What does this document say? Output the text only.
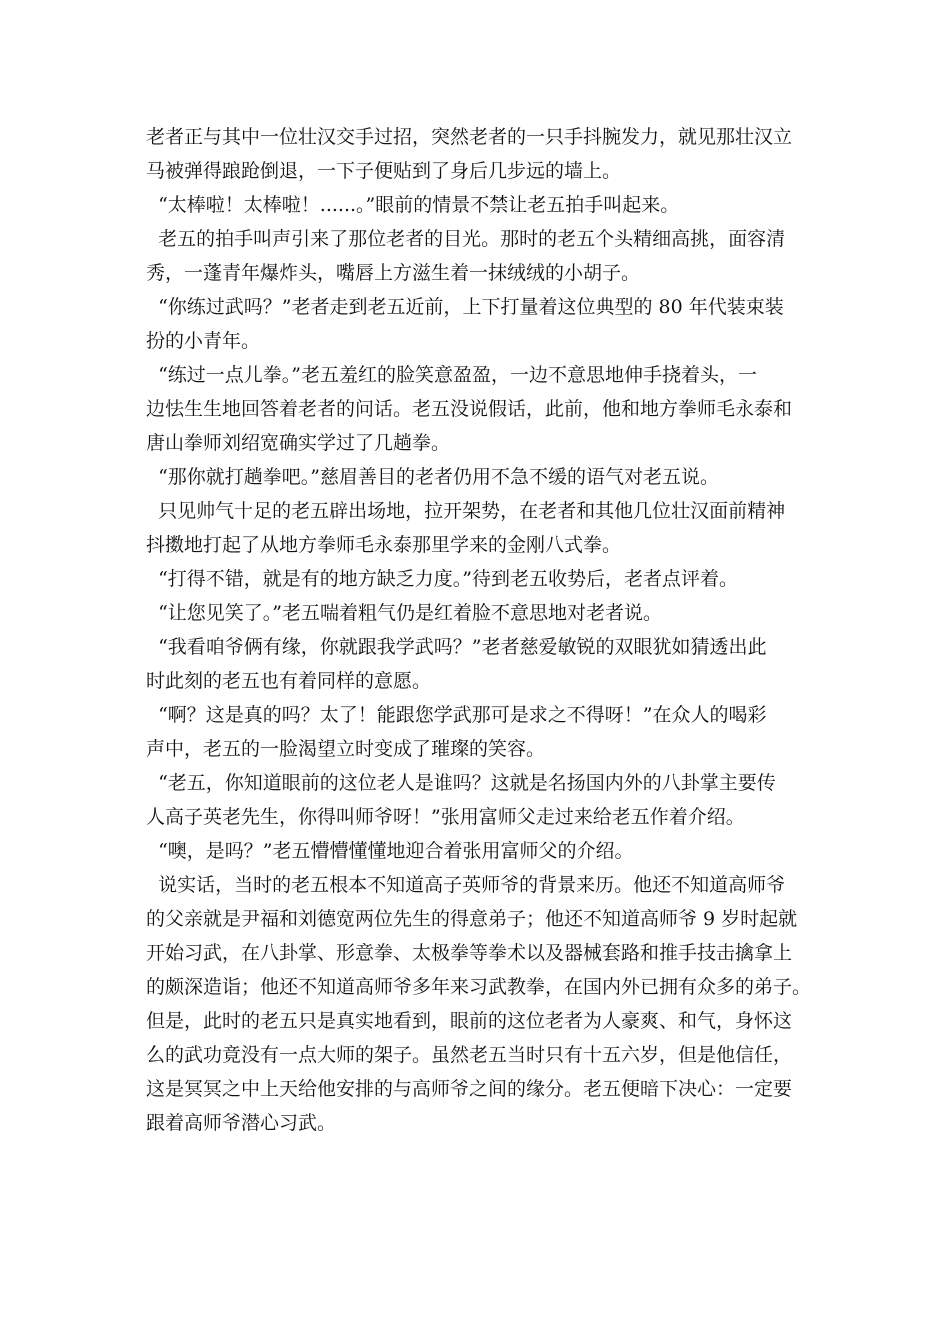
老者正与其中一位壮汉交手过招，突然老者的一只手抖腕发力，就见那壮汉立
马被弹得踉跄倒退，一下子便贴到了身后几步远的墙上。
“太棒啦！太棒啦！......。”眼前的情景不禁让老五拍手叫起来。
老五的拍手叫声引来了那位老者的目光。那时的老五个头精细高挑，面容清
秀，一蓬青年爆炸头，嘴唇上方滋生着一抹绒绒的小胡子。
“你练过武吗？”老者走到老五近前，上下打量着这位典型的 80 年代装束装
扮的小青年。
“练过一点儿拳。”老五羞红的脸笑意盈盈，一边不意思地伸手挠着头，一
边怯生生地回答着老者的问话。老五没说假话，此前，他和地方拳师毛永泰和
唐山拳师刘绍宽确实学过了几趟拳。
“那你就打趟拳吧。”慈眉善目的老者仍用不急不缓的语气对老五说。
只见帅气十足的老五辟出场地，拉开架势，在老者和其他几位壮汉面前精神
抖擞地打起了从地方拳师毛永泰那里学来的金刚八式拳。
“打得不错，就是有的地方缺乏力度。”待到老五收势后，老者点评着。
“让您见笑了。”老五喘着粗气仍是红着脸不意思地对老者说。
“我看咱爷俩有缘，你就跟我学武吗？”老者慈爱敏锐的双眼犹如猜透出此
时此刻的老五也有着同样的意愿。
“啊？这是真的吗？太了！能跟您学武那可是求之不得呀！”在众人的喝彩
声中，老五的一脸渴望立时变成了璀璨的笑容。
“老五，你知道眼前的这位老人是谁吗？这就是名扬国内外的八卦掌主要传
人高子英老先生，你得叫师爷呀！”张用富师父走过来给老五作着介绍。
“噢，是吗？”老五懵懵懂懂地迎合着张用富师父的介绍。
说实话，当时的老五根本不知道高子英师爷的背景来历。他还不知道高师爷
的父亲就是尹福和刘德宽两位先生的得意弟子；他还不知道高师爷 9 岁时起就
开始习武，在八卦掌、形意拳、太极拳等拳术以及器械套路和推手技击擒拿上
的颇深造诣；他还不知道高师爷多年来习武教拳，在国内外已拥有众多的弟子。
但是，此时的老五只是真实地看到，眼前的这位老者为人豪爽、和气，身怀这
么的武功竟没有一点大师的架子。虽然老五当时只有十五六岁，但是他信任，
这是冥冥之中上天给他安排的与高师爷之间的缘分。老五便暗下决心：一定要
跟着高师爷潜心习武。
